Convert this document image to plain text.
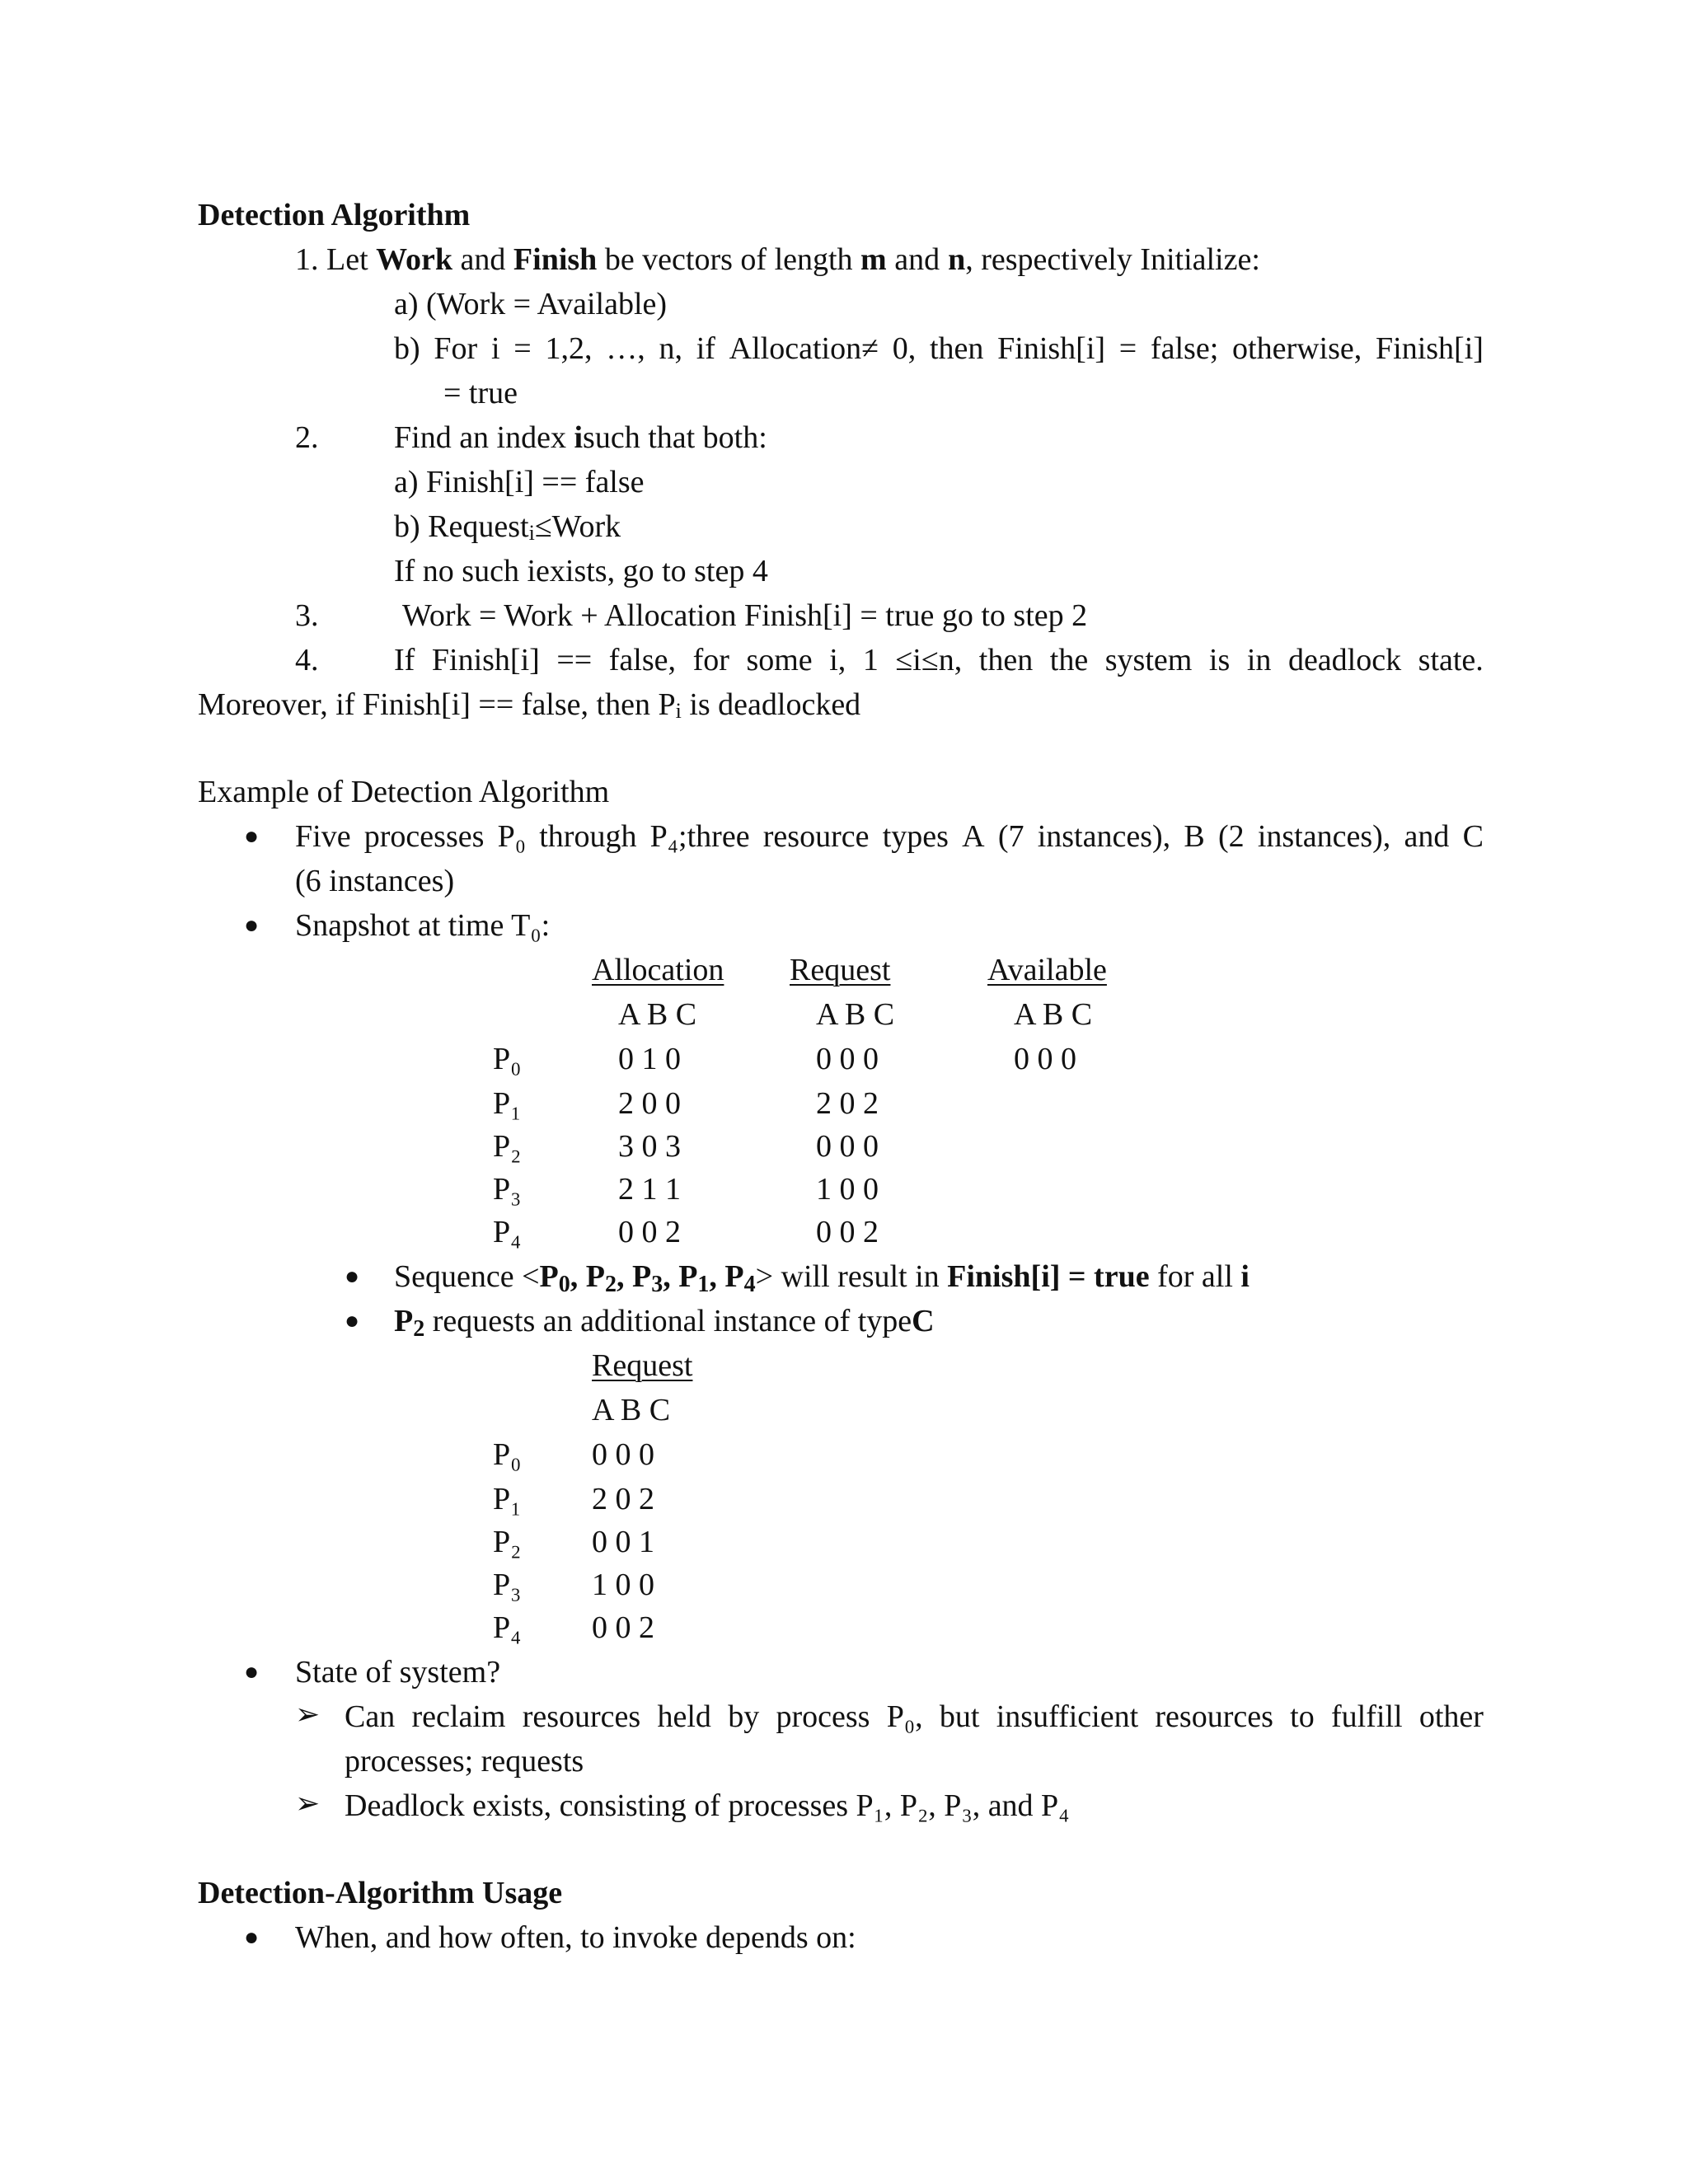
Detection Algorithm
1. Let Work and Finish be vectors of length m and n, respectively Initialize:
a) (Work = Available)
b) For i = 1,2, …, n, if Allocation≠ 0, then Finish[i] = false; otherwise, Finish[i]
= true
2. Find an index isuch that both:
a) Finish[i] == false
b) Request$_i$≤Work
If no such iexists, go to step 4
3.	Work = Work + Allocation Finish[i] = true go to step 2
4. If Finish[i] == false, for some i, 1 ≤i≤n, then the system is in deadlock state.
Moreover, if Finish[i] == false, then $P_i$ is deadlocked
Example of Detection Algorithm
● Five processes P₀ through P₄;three resource types A (7 instances), B (2 instances), and C
(6 instances)
● Snapshot at time T₀:
Allocation Request	Available
A B C	A B C	A B C
P₀	0 1 0	0 0 0	0 0 0
P₁	2 0 0	2 0 2
P₂	3 0 3	0 0 0
P₃	2 1 1	1 0 0
P₄	0 0 2	0 0 2
● Sequence <P0, P2, P3, P1, P4> will result in Finish[i] = true for all i
● P2 requests an additional instance of typeC
Request
A B C
P₀ 0 0 0
P₁ 2 0 2
P₂ 0 0 1
P₃ 1 0 0
P₄ 0 0 2
● State of system?
➢ Can reclaim resources held by process P₀, but insufficient resources to fulfill other
processes; requests
➢ Deadlock exists, consisting of processes P₁, P₂, P₃, and P₄
Detection-Algorithm Usage
● When, and how often, to invoke depends on:
